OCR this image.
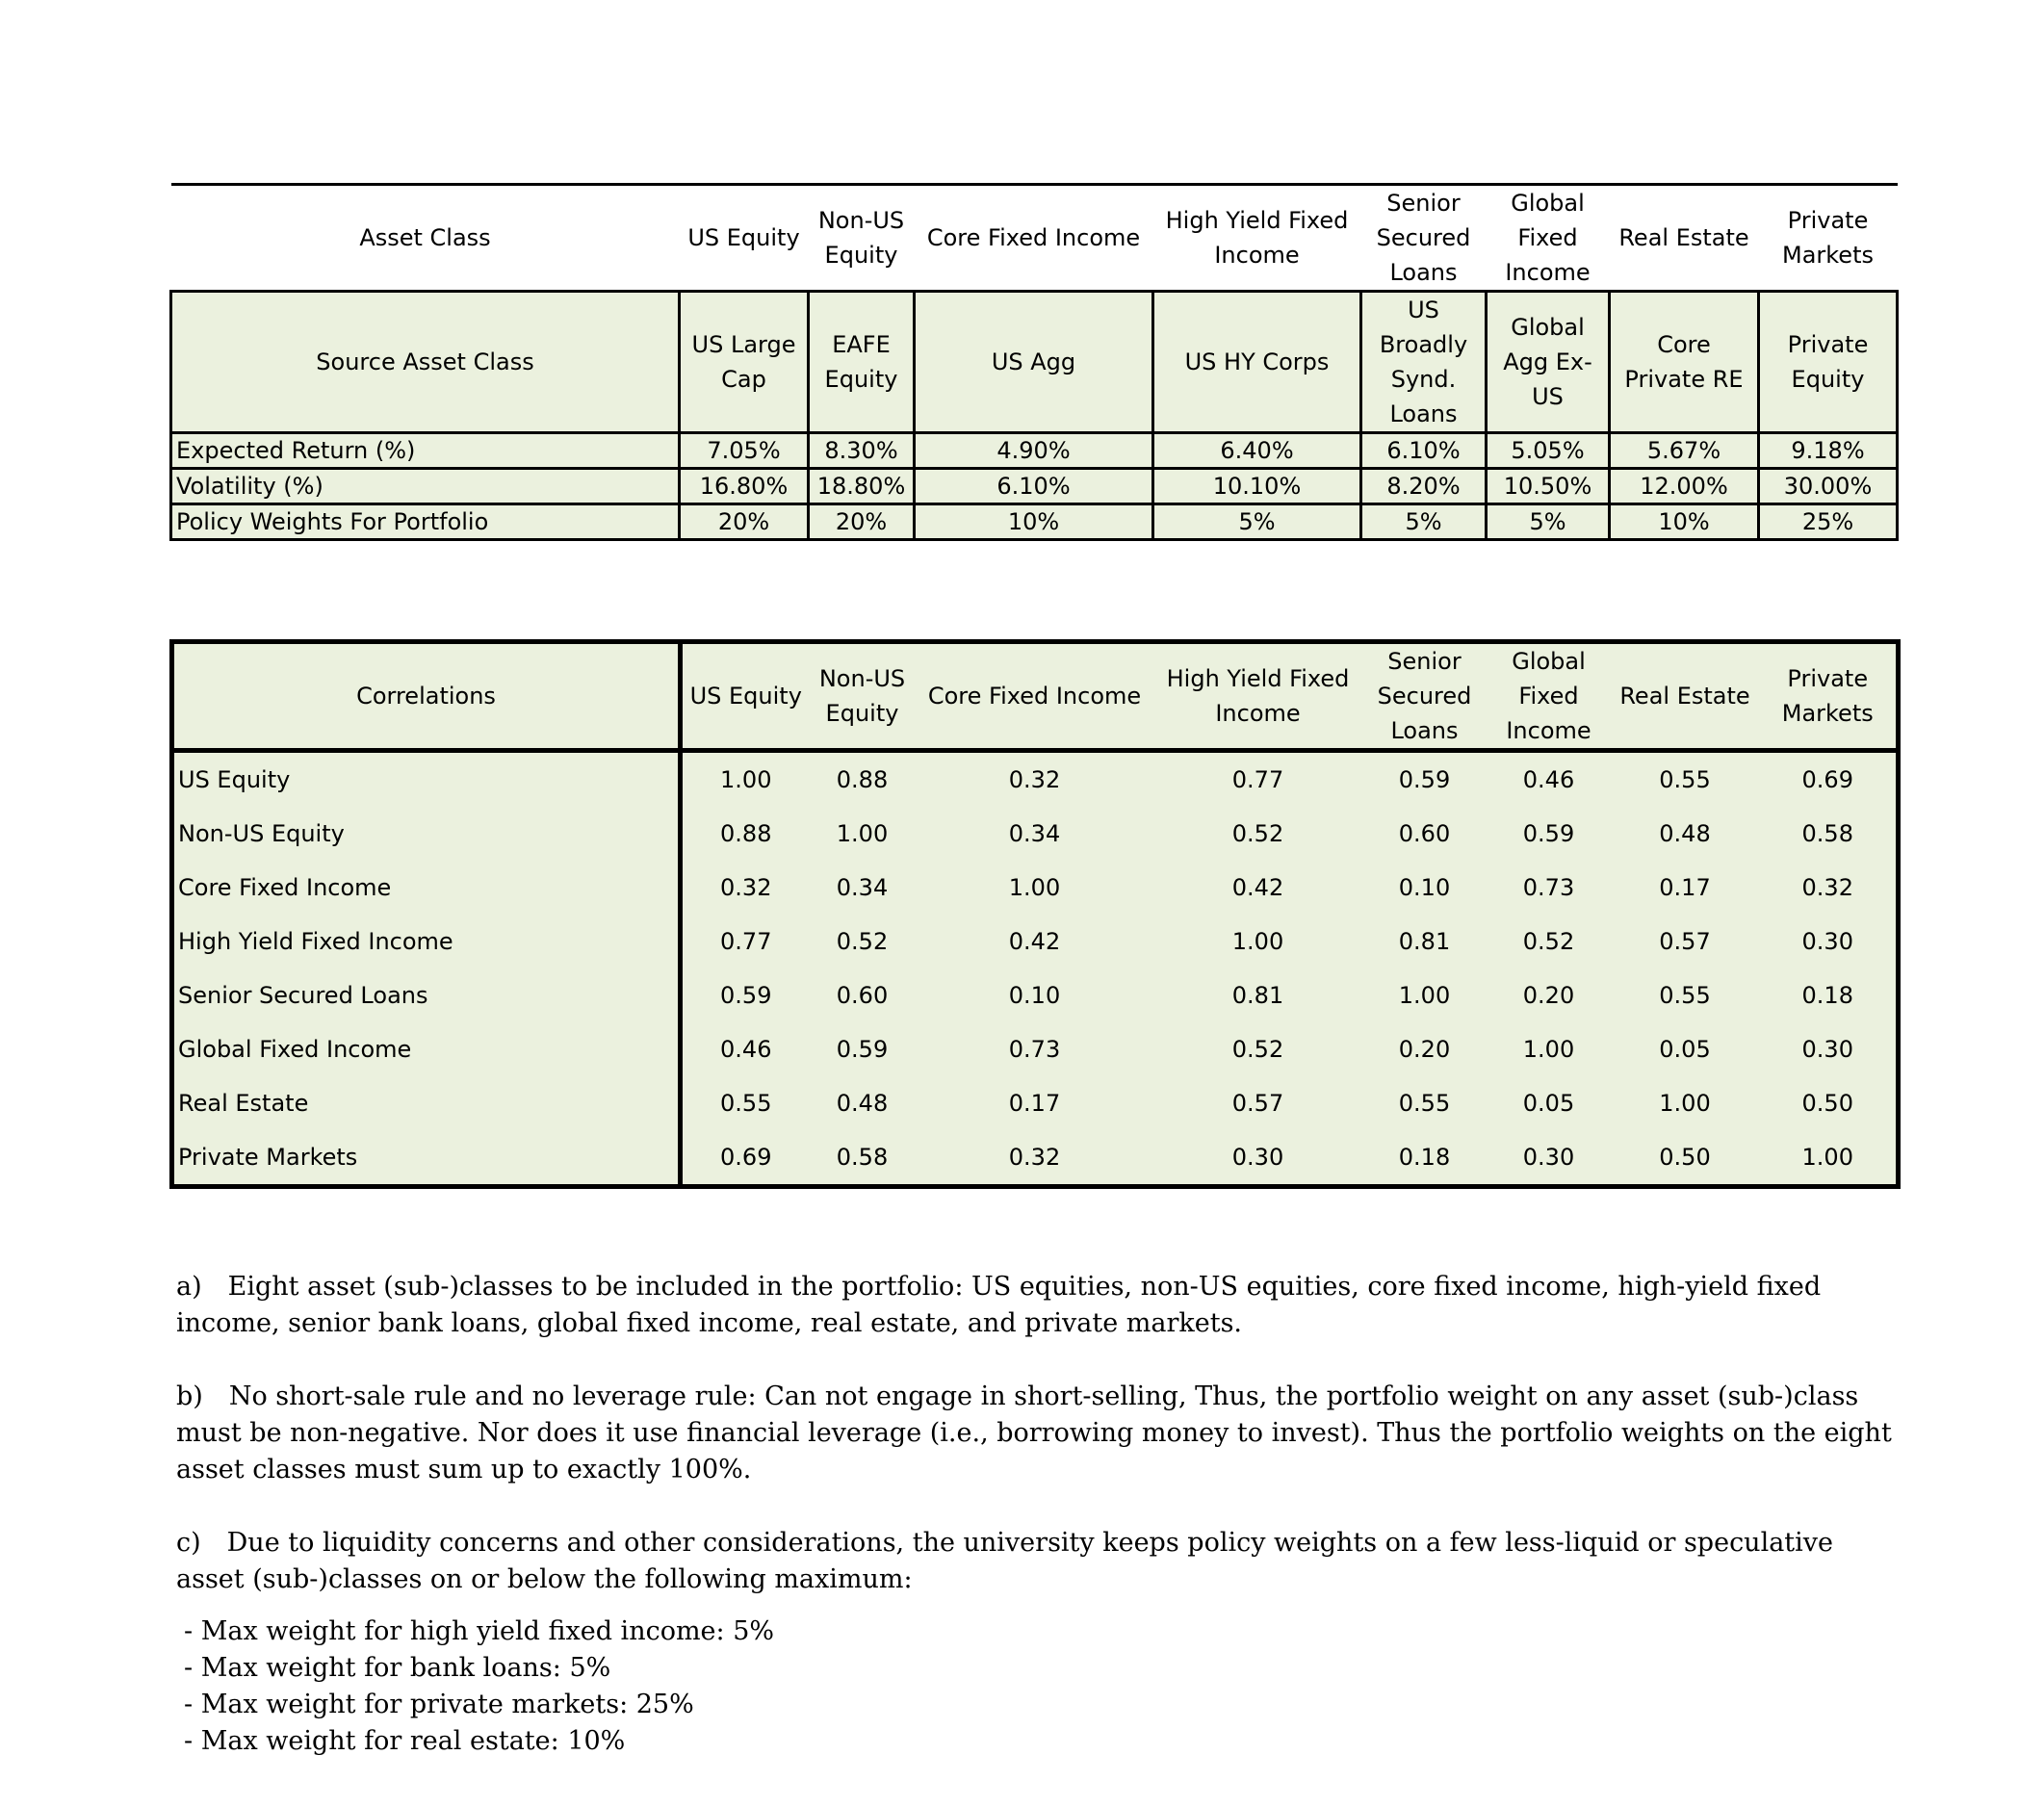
Asset Class	US Equity	Non-US Equity	Core Fixed Income	High Yield Fixed Income	Senior Secured Loans	Global Fixed Income	Real Estate	Private Markets
Source Asset Class	US Large Cap	EAFE Equity	US Agg	US HY Corps	US Broadly Synd. Loans	Global Agg Ex-US	Core Private RE	Private Equity
Expected Return (%)	7.05%	8.30%	4.90%	6.40%	6.10%	5.05%	5.67%	9.18%
Volatility (%)	16.80%	18.80%	6.10%	10.10%	8.20%	10.50%	12.00%	30.00%
Policy Weights For Portfolio	20%	20%	10%	5%	5%	5%	10%	25%
Correlations	US Equity	Non-US Equity	Core Fixed Income	High Yield Fixed Income	Senior Secured Loans	Global Fixed Income	Real Estate	Private Markets
US Equity	1.00	0.88	0.32	0.77	0.59	0.46	0.55	0.69
Non-US Equity	0.88	1.00	0.34	0.52	0.60	0.59	0.48	0.58
Core Fixed Income	0.32	0.34	1.00	0.42	0.10	0.73	0.17	0.32
High Yield Fixed Income	0.77	0.52	0.42	1.00	0.81	0.52	0.57	0.30
Senior Secured Loans	0.59	0.60	0.10	0.81	1.00	0.20	0.55	0.18
Global Fixed Income	0.46	0.59	0.73	0.52	0.20	1.00	0.05	0.30
Real Estate	0.55	0.48	0.17	0.57	0.55	0.05	1.00	0.50
Private Markets	0.69	0.58	0.32	0.30	0.18	0.30	0.50	1.00

a) Eight asset (sub-)classes to be included in the portfolio: US equities, non-US equities, core fixed income, high-yield fixed income, senior bank loans, global fixed income, real estate, and private markets.

b) No short-sale rule and no leverage rule: Can not engage in short-selling, Thus, the portfolio weight on any asset (sub-)class must be non-negative. Nor does it use financial leverage (i.e., borrowing money to invest). Thus the portfolio weights on the eight asset classes must sum up to exactly 100%.

c) Due to liquidity concerns and other considerations, the university keeps policy weights on a few less-liquid or speculative asset (sub-)classes on or below the following maximum:

- Max weight for high yield fixed income: 5%
- Max weight for bank loans: 5%
- Max weight for private markets: 25%
- Max weight for real estate: 10%
